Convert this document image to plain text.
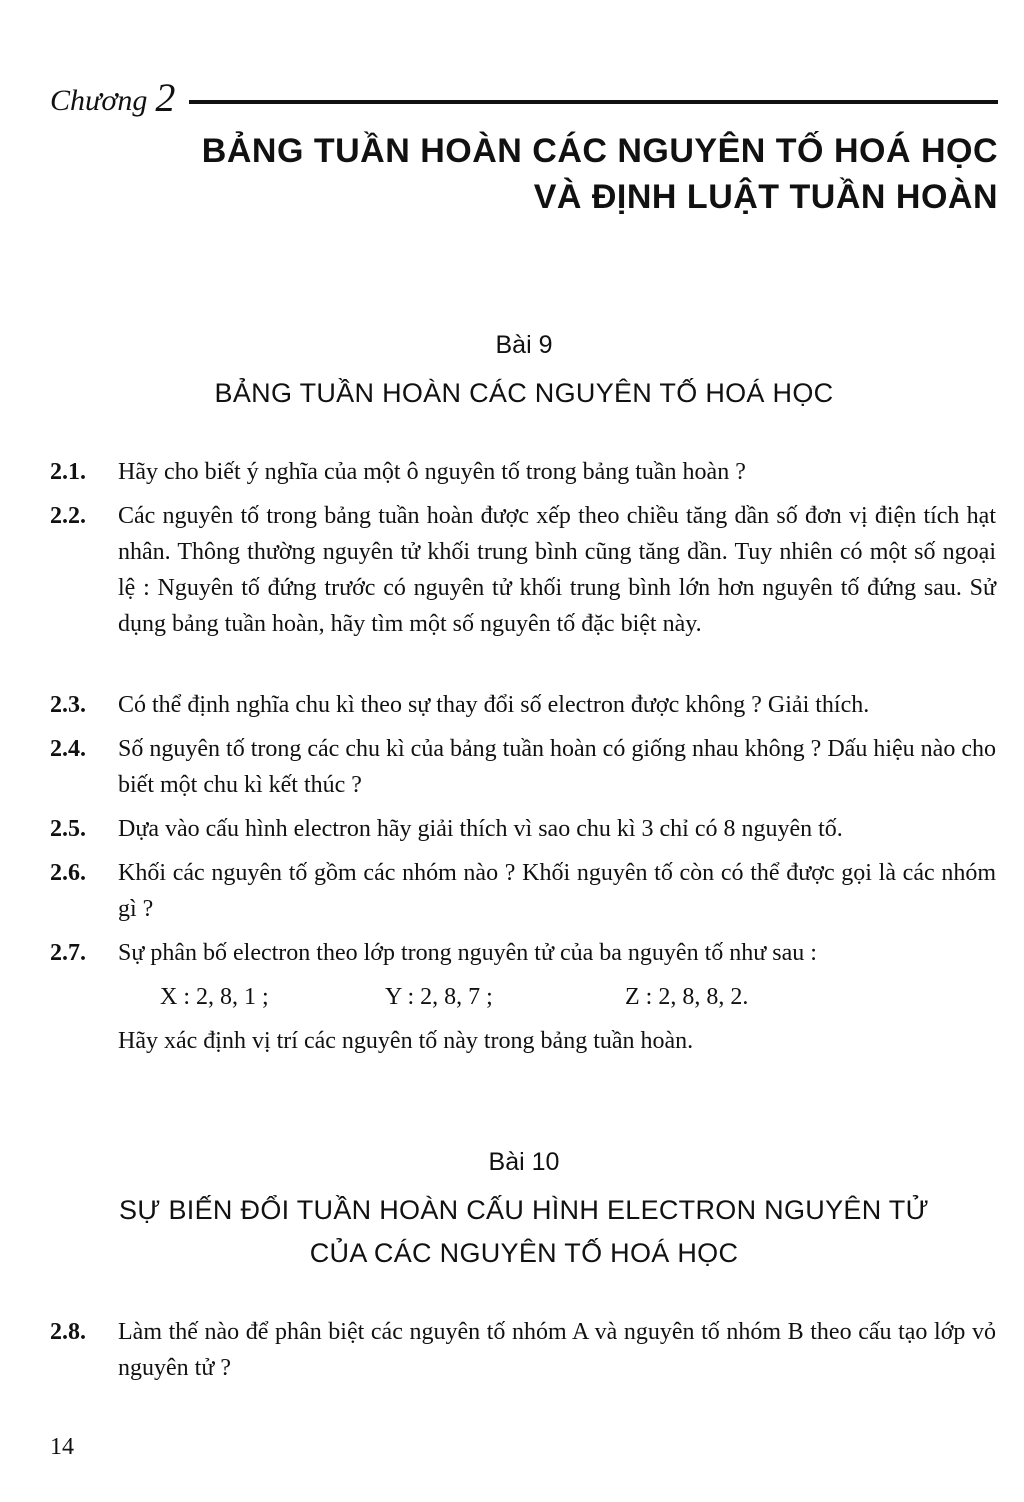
Chương 2
BẢNG TUẦN HOÀN CÁC NGUYÊN TỐ HOÁ HỌC
VÀ ĐỊNH LUẬT TUẦN HOÀN
Bài 9
BẢNG TUẦN HOÀN CÁC NGUYÊN TỐ HOÁ HỌC
2.1.	Hãy cho biết ý nghĩa của một ô nguyên tố trong bảng tuần hoàn ?

2.2.	Các nguyên tố trong bảng tuần hoàn được xếp theo chiều tăng dần số đơn vị điện tích hạt nhân. Thông thường nguyên tử khối trung bình cũng tăng dần. Tuy nhiên có một số ngoại lệ : Nguyên tố đứng trước có nguyên tử khối trung bình lớn hơn nguyên tố đứng sau. Sử dụng bảng tuần hoàn, hãy tìm một số nguyên tố đặc biệt này.

2.3.	Có thể định nghĩa chu kì theo sự thay đổi số electron được không ? Giải thích.

2.4.	Số nguyên tố trong các chu kì của bảng tuần hoàn có giống nhau không ? Dấu hiệu nào cho biết một chu kì kết thúc ?

2.5.	Dựa vào cấu hình electron hãy giải thích vì sao chu kì 3 chỉ có 8 nguyên tố.

2.6.	Khối các nguyên tố gồm các nhóm nào ? Khối nguyên tố còn có thể được gọi là các nhóm gì ?

2.7.	Sự phân bố electron theo lớp trong nguyên tử của ba nguyên tố như sau :

X : 2, 8, 1 ;	Y : 2, 8, 7 ;	Z : 2, 8, 8, 2.

Hãy xác định vị trí các nguyên tố này trong bảng tuần hoàn.

Bài 10
SỰ BIẾN ĐỔI TUẦN HOÀN CẤU HÌNH ELECTRON NGUYÊN TỬ
CỦA CÁC NGUYÊN TỐ HOÁ HỌC
2.8.	Làm thế nào để phân biệt các nguyên tố nhóm A và nguyên tố nhóm B theo cấu tạo lớp vỏ nguyên tử ?

14
